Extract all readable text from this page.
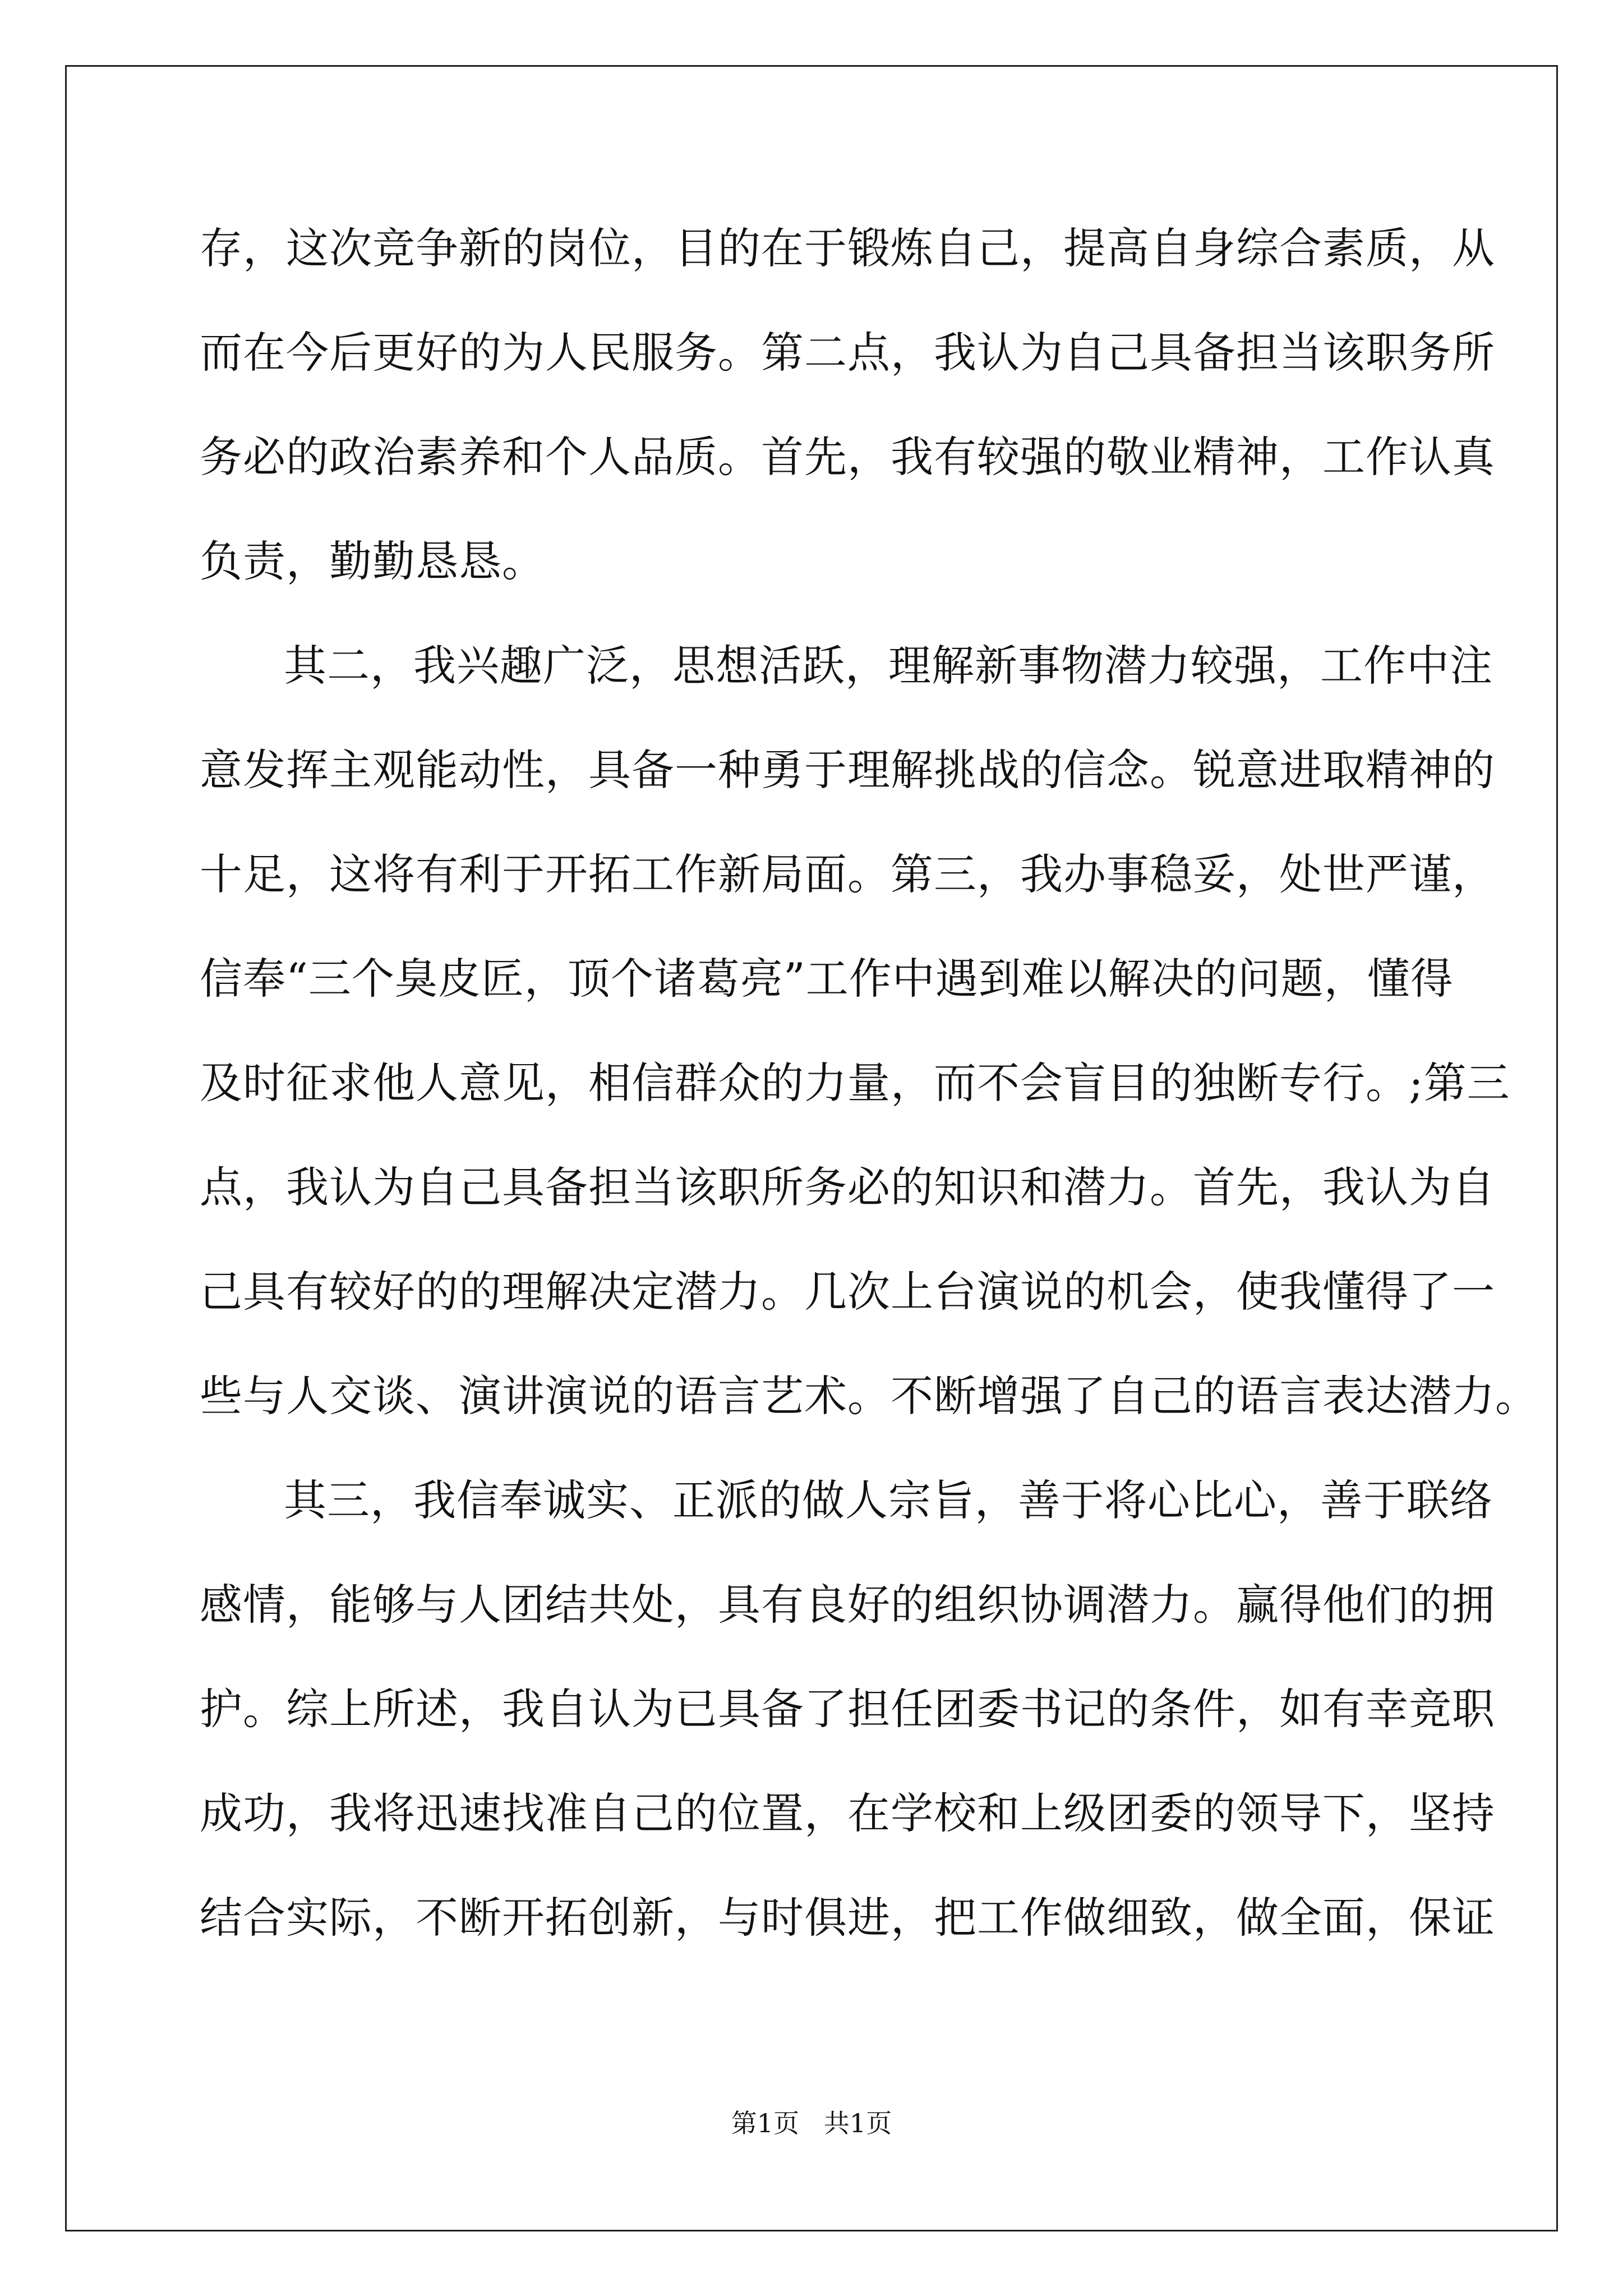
存，这次竞争新的岗位，目的在于锻炼自己，提高自身综合素质，从
而在今后更好的为人民服务。第二点，我认为自己具备担当该职务所
务必的政治素养和个人品质。首先，我有较强的敬业精神，工作认真
负责，勤勤恳恳。
其二，我兴趣广泛，思想活跃，理解新事物潜力较强，工作中注
意发挥主观能动性，具备一种勇于理解挑战的信念。锐意进取精神的
十足，这将有利于开拓工作新局面。第三，我办事稳妥，处世严谨，
信奉“三个臭皮匠，顶个诸葛亮”工作中遇到难以解决的问题，懂得
及时征求他人意见，相信群众的力量，而不会盲目的独断专行。;第三
点，我认为自己具备担当该职所务必的知识和潜力。首先，我认为自
己具有较好的的理解决定潜力。几次上台演说的机会，使我懂得了一
些与人交谈、演讲演说的语言艺术。不断增强了自己的语言表达潜力。
其三，我信奉诚实、正派的做人宗旨，善于将心比心，善于联络
感情，能够与人团结共处，具有良好的组织协调潜力。赢得他们的拥
护。综上所述，我自认为已具备了担任团委书记的条件，如有幸竞职
成功，我将迅速找准自己的位置，在学校和上级团委的领导下，坚持
结合实际，不断开拓创新，与时俱进，把工作做细致，做全面，保证
第1页   共1页
